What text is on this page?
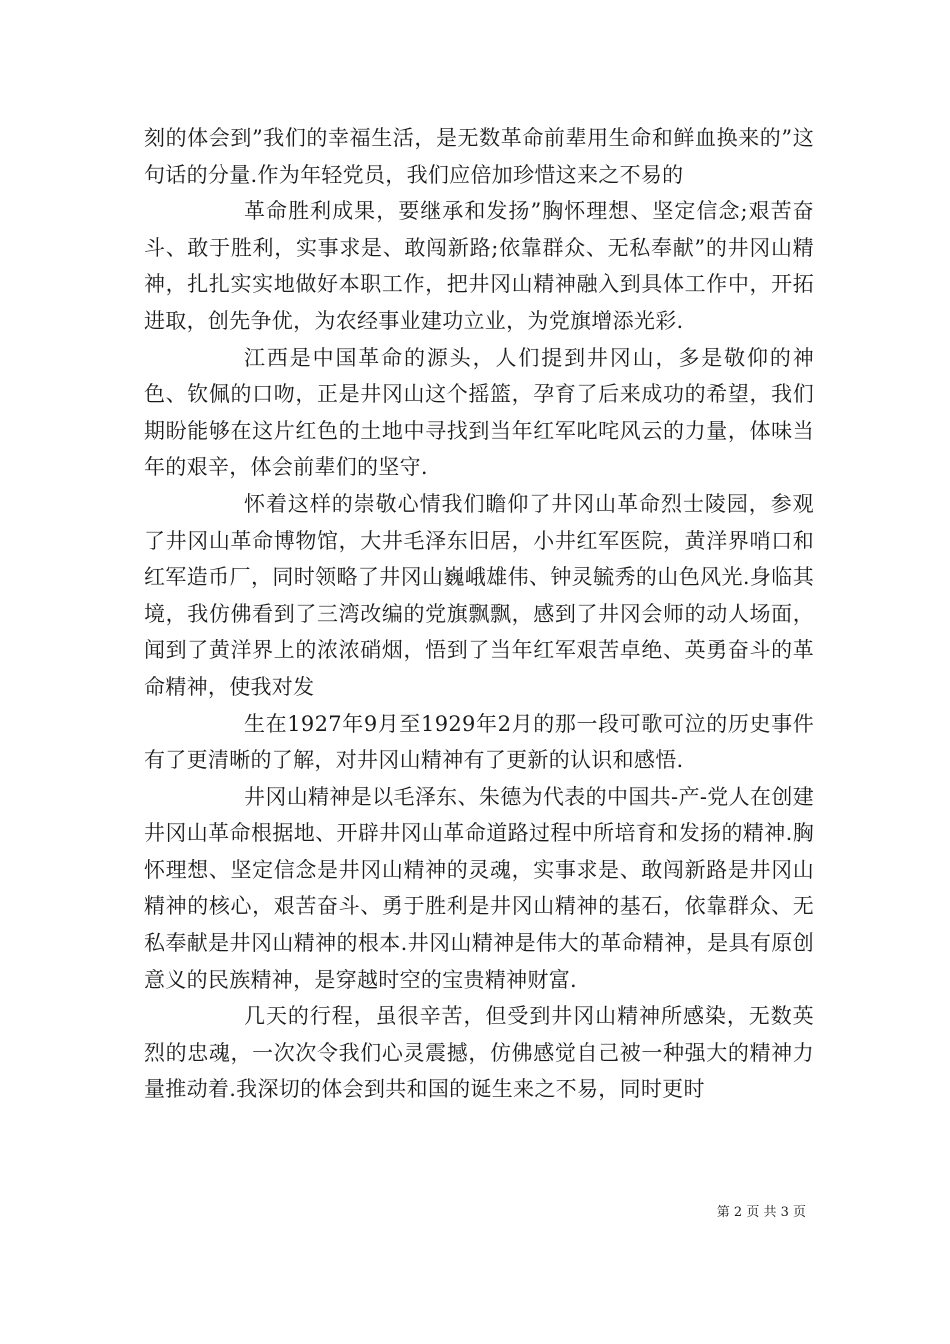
刻的体会到”我们的幸福生活，是无数革命前辈用生命和鲜血换来的”这句话的分量.作为年轻党员，我们应倍加珍惜这来之不易的

革命胜利成果，要继承和发扬”胸怀理想、坚定信念;艰苦奋斗、敢于胜利，实事求是、敢闯新路;依靠群众、无私奉献”的井冈山精神，扎扎实实地做好本职工作，把井冈山精神融入到具体工作中，开拓进取，创先争优，为农经事业建功立业，为党旗增添光彩.

江西是中国革命的源头，人们提到井冈山，多是敬仰的神色、钦佩的口吻，正是井冈山这个摇篮，孕育了后来成功的希望，我们期盼能够在这片红色的土地中寻找到当年红军叱咤风云的力量，体味当年的艰辛，体会前辈们的坚守.

怀着这样的崇敬心情我们瞻仰了井冈山革命烈士陵园，参观了井冈山革命博物馆，大井毛泽东旧居，小井红军医院，黄洋界哨口和红军造币厂，同时领略了井冈山巍峨雄伟、钟灵毓秀的山色风光.身临其境，我仿佛看到了三湾改编的党旗飘飘，感到了井冈会师的动人场面，闻到了黄洋界上的浓浓硝烟，悟到了当年红军艰苦卓绝、英勇奋斗的革命精神，使我对发

生在1927年9月至1929年2月的那一段可歌可泣的历史事件有了更清晰的了解，对井冈山精神有了更新的认识和感悟.

井冈山精神是以毛泽东、朱德为代表的中国共-产-党人在创建井冈山革命根据地、开辟井冈山革命道路过程中所培育和发扬的精神.胸怀理想、坚定信念是井冈山精神的灵魂，实事求是、敢闯新路是井冈山精神的核心，艰苦奋斗、勇于胜利是井冈山精神的基石，依靠群众、无私奉献是井冈山精神的根本.井冈山精神是伟大的革命精神，是具有原创意义的民族精神，是穿越时空的宝贵精神财富.

几天的行程，虽很辛苦，但受到井冈山精神所感染，无数英烈的忠魂，一次次令我们心灵震撼，仿佛感觉自己被一种强大的精神力量推动着.我深切的体会到共和国的诞生来之不易，同时更时

第 2 页 共 3 页
